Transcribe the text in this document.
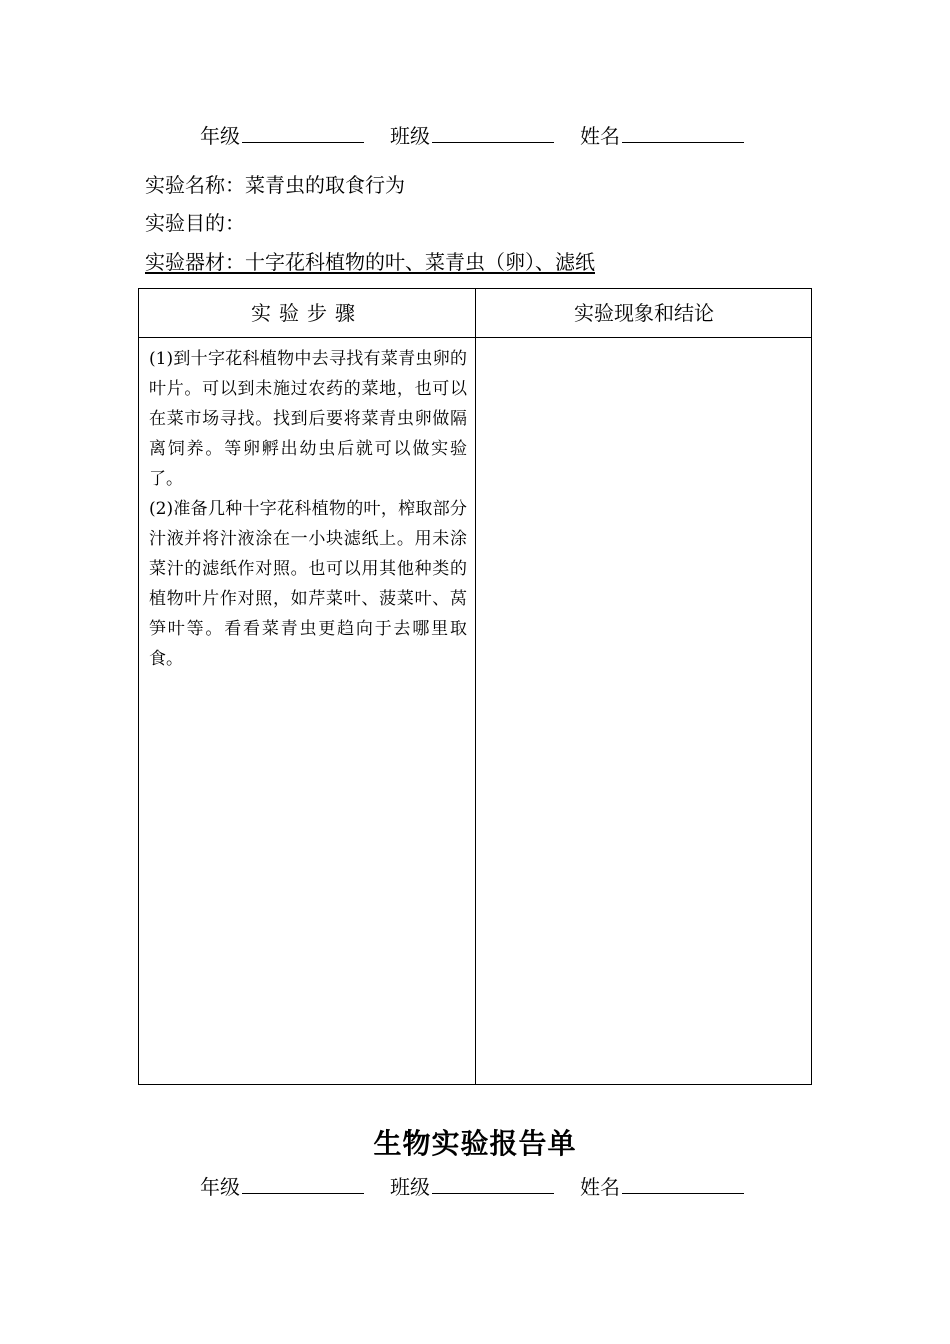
年级	班级	姓名
实验名称：菜青虫的取食行为
实验目的：
实验器材：十字花科植物的叶、菜青虫（卵）、滤纸
实验步骤	实验现象和结论

(1)到十字花科植物中去寻找有菜青虫卵的叶片。可以到未施过农药的菜地，也可以在菜市场寻找。找到后要将菜青虫卵做隔离饲养。等卵孵出幼虫后就可以做实验了。

(2)准备几种十字花科植物的叶，榨取部分汁液并将汁液涂在一小块滤纸上。用未涂菜汁的滤纸作对照。也可以用其他种类的植物叶片作对照，如芹菜叶、菠菜叶、莴笋叶等。看看菜青虫更趋向于去哪里取食。

生物实验报告单
年级	班级	姓名
